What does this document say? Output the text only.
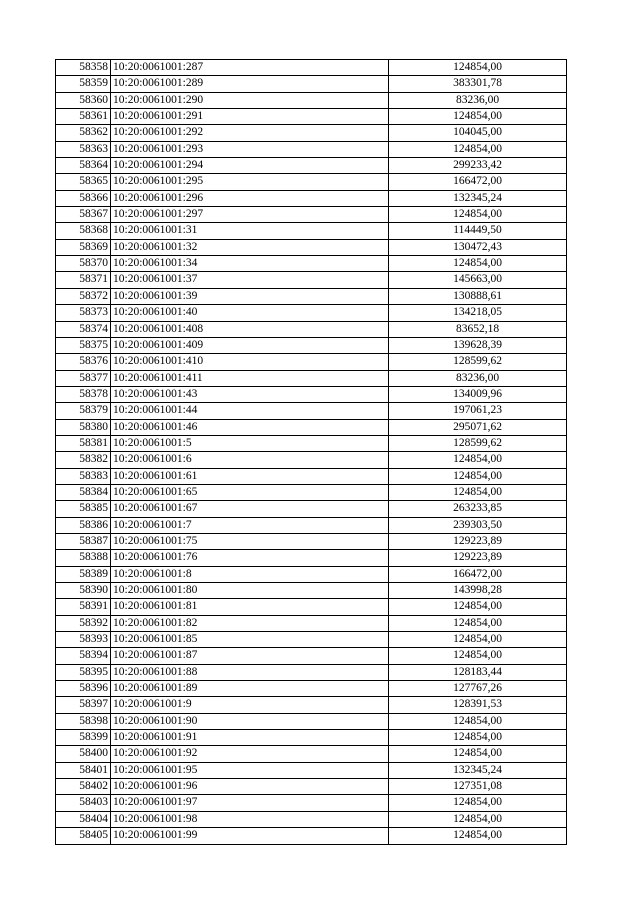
58358	10:20:0061001:287	124854,00
58359	10:20:0061001:289	383301,78
58360	10:20:0061001:290	83236,00
58361	10:20:0061001:291	124854,00
58362	10:20:0061001:292	104045,00
58363	10:20:0061001:293	124854,00
58364	10:20:0061001:294	299233,42
58365	10:20:0061001:295	166472,00
58366	10:20:0061001:296	132345,24
58367	10:20:0061001:297	124854,00
58368	10:20:0061001:31	114449,50
58369	10:20:0061001:32	130472,43
58370	10:20:0061001:34	124854,00
58371	10:20:0061001:37	145663,00
58372	10:20:0061001:39	130888,61
58373	10:20:0061001:40	134218,05
58374	10:20:0061001:408	83652,18
58375	10:20:0061001:409	139628,39
58376	10:20:0061001:410	128599,62
58377	10:20:0061001:411	83236,00
58378	10:20:0061001:43	134009,96
58379	10:20:0061001:44	197061,23
58380	10:20:0061001:46	295071,62
58381	10:20:0061001:5	128599,62
58382	10:20:0061001:6	124854,00
58383	10:20:0061001:61	124854,00
58384	10:20:0061001:65	124854,00
58385	10:20:0061001:67	263233,85
58386	10:20:0061001:7	239303,50
58387	10:20:0061001:75	129223,89
58388	10:20:0061001:76	129223,89
58389	10:20:0061001:8	166472,00
58390	10:20:0061001:80	143998,28
58391	10:20:0061001:81	124854,00
58392	10:20:0061001:82	124854,00
58393	10:20:0061001:85	124854,00
58394	10:20:0061001:87	124854,00
58395	10:20:0061001:88	128183,44
58396	10:20:0061001:89	127767,26
58397	10:20:0061001:9	128391,53
58398	10:20:0061001:90	124854,00
58399	10:20:0061001:91	124854,00
58400	10:20:0061001:92	124854,00
58401	10:20:0061001:95	132345,24
58402	10:20:0061001:96	127351,08
58403	10:20:0061001:97	124854,00
58404	10:20:0061001:98	124854,00
58405	10:20:0061001:99	124854,00
